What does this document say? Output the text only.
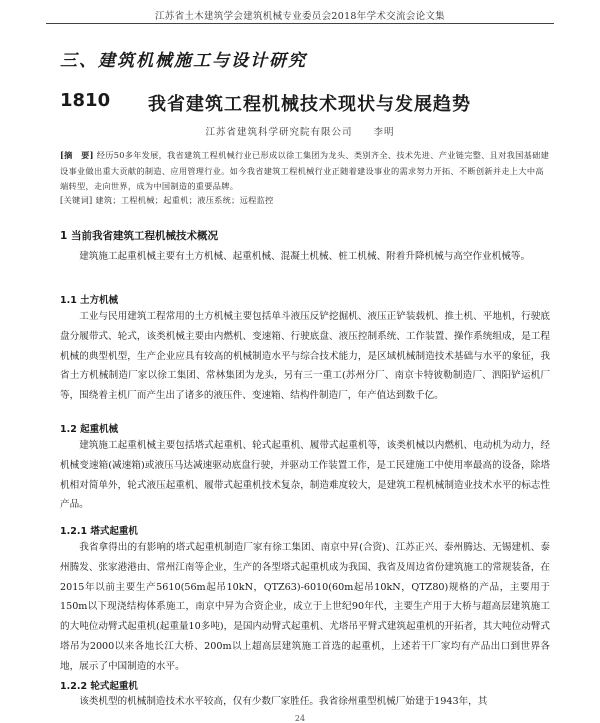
江苏省土木建筑学会建筑机械专业委员会2018年学术交流会论文集
三、建筑机械施工与设计研究
1810 我省建筑工程机械技术现状与发展趋势
江苏省建筑科学研究院有限公司　　李明
[摘　要] 经历50多年发展，我省建筑工程机械行业已形成以徐工集团为龙头、类别齐全、技术先进、产业链完整、且对我国基础建设事业做出重大贡献的制造、应用管理行业。如今我省建筑工程机械行业正随着建设事业的需求努力开拓、不断创新并走上大中高端转型，走向世界，成为中国制造的重要品牌。
[关键词] 建筑；工程机械；起重机；液压系统；远程监控
1 当前我省建筑工程机械技术概况
建筑施工起重机械主要有土方机械、起重机械、混凝土机械、桩工机械、附着升降机械与高空作业机械等。
1.1 土方机械
工业与民用建筑工程常用的土方机械主要包括单斗液压反铲挖掘机、液压正铲装载机、推土机、平地机，行驶底盘分履带式、轮式，该类机械主要由内燃机、变速箱、行驶底盘、液压控制系统、工作装置、操作系统组成，是工程机械的典型机型，生产企业应具有较高的机械制造水平与综合技术能力，是区域机械制造技术基础与水平的象征，我省土方机械制造厂家以徐工集团、常林集团为龙头，另有三一重工(苏州分厂、南京卡特彼勒制造厂、泗阳铲运机厂等，围绕着主机厂而产生出了诸多的液压件、变速箱、结构件制造厂，年产值达到数千亿。
1.2 起重机械
建筑施工起重机械主要包括塔式起重机、轮式起重机、履带式起重机等，该类机械以内燃机、电动机为动力，经机械变速箱(减速箱)或液压马达减速驱动底盘行驶，并驱动工作装置工作，是工民建施工中使用率最高的设备，除塔机相对简单外，轮式液压起重机、履带式起重机技术复杂，制造难度较大，是建筑工程机械制造业技术水平的标志性产品。
1.2.1 塔式起重机
我省拿得出的有影响的塔式起重机制造厂家有徐工集团、南京中昇(合资)、江苏正兴、泰州腾达、无锡建机、泰州腾发、张家港港由、常州江南等企业，生产的各型塔式起重机成为我国、我省及周边省份建筑施工的常规装备，在2015年以前主要生产5610(56m起吊10kN，QTZ63)-6010(60m起吊10kN，QTZ80)规格的产品，主要用于150m以下现浇结构体系施工，南京中昇为合资企业，成立于上世纪90年代，主要生产用于大桥与超高层建筑施工的大吨位动臂式起重机(起重量10多吨)，是国内动臂式起重机、尤塔吊平臂式建筑起重机的开拓者，其大吨位动臂式塔吊为2000以来各地长江大桥、200m以上超高层建筑施工首选的起重机，上述若干厂家均有产品出口到世界各地，展示了中国制造的水平。
1.2.2 轮式起重机
该类机型的机械制造技术水平较高，仅有少数厂家胜任。我省徐州重型机械厂始建于1943年，其
24
